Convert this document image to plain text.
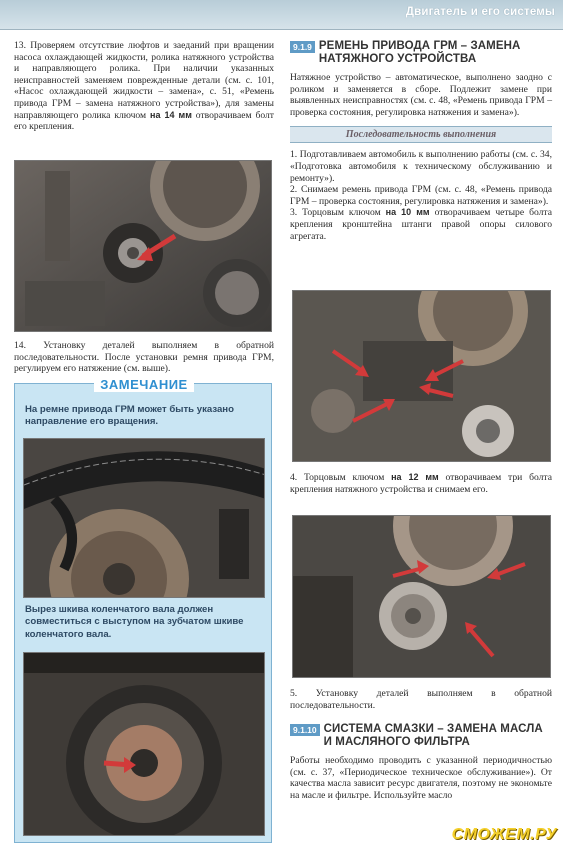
Двигатель и его системы

13. Проверяем отсутствие люфтов и заеданий при вращении насоса охлаждающей жидкости, ролика натяжного устройства и направляющего ролика. При наличии указанных неисправностей заменяем поврежденные детали (см. с. 101, «Насос охлаждающей жидкости – замена», с. 51, «Ремень привода ГРМ – замена натяжного устройства»), для замены направляющего ролика ключом на 14 мм отворачиваем болт его крепления.

14. Установку деталей выполняем в обратной последовательности. После установки ремня привода ГРМ, регулируем его натяжение (см. выше).

ЗАМЕЧАНИЕ
На ремне привода ГРМ может быть указано направление его вращения.
Вырез шкива коленчатого вала должен совместиться с выступом на зубчатом шкиве коленчатого вала.
9.1.9 РЕМЕНЬ ПРИВОДА ГРМ – ЗАМЕНА НАТЯЖНОГО УСТРОЙСТВА

Натяжное устройство – автоматическое, выполнено заодно с роликом и заменяется в сборе. Подлежит замене при выявленных неисправностях (см. с. 48, «Ремень привода ГРМ – проверка состояния, регулировка натяжения и замена»).

Последовательность выполнения

1. Подготавливаем автомобиль к выполнению работы (см. с. 34, «Подготовка автомобиля к техническому обслуживанию и ремонту»).

2. Снимаем ремень привода ГРМ (см. с. 48, «Ремень привода ГРМ – проверка состояния, регулировка натяжения и замена»).

3. Торцовым ключом на 10 мм отворачиваем четыре болта крепления кронштейна штанги правой опоры силового агрегата.

4. Торцовым ключом на 12 мм отворачиваем три болта крепления натяжного устройства и снимаем его.

5. Установку деталей выполняем в обратной последовательности.

9.1.10 СИСТЕМА СМАЗКИ – ЗАМЕНА МАСЛА И МАСЛЯНОГО ФИЛЬТРА

Работы необходимо проводить с указанной периодичностью (см. с. 37, «Периодическое техническое обслуживание»). От качества масла зависит ресурс двигателя, поэтому не экономьте на масле и фильтре. Используйте масло

СМОЖЕМ.РУ
